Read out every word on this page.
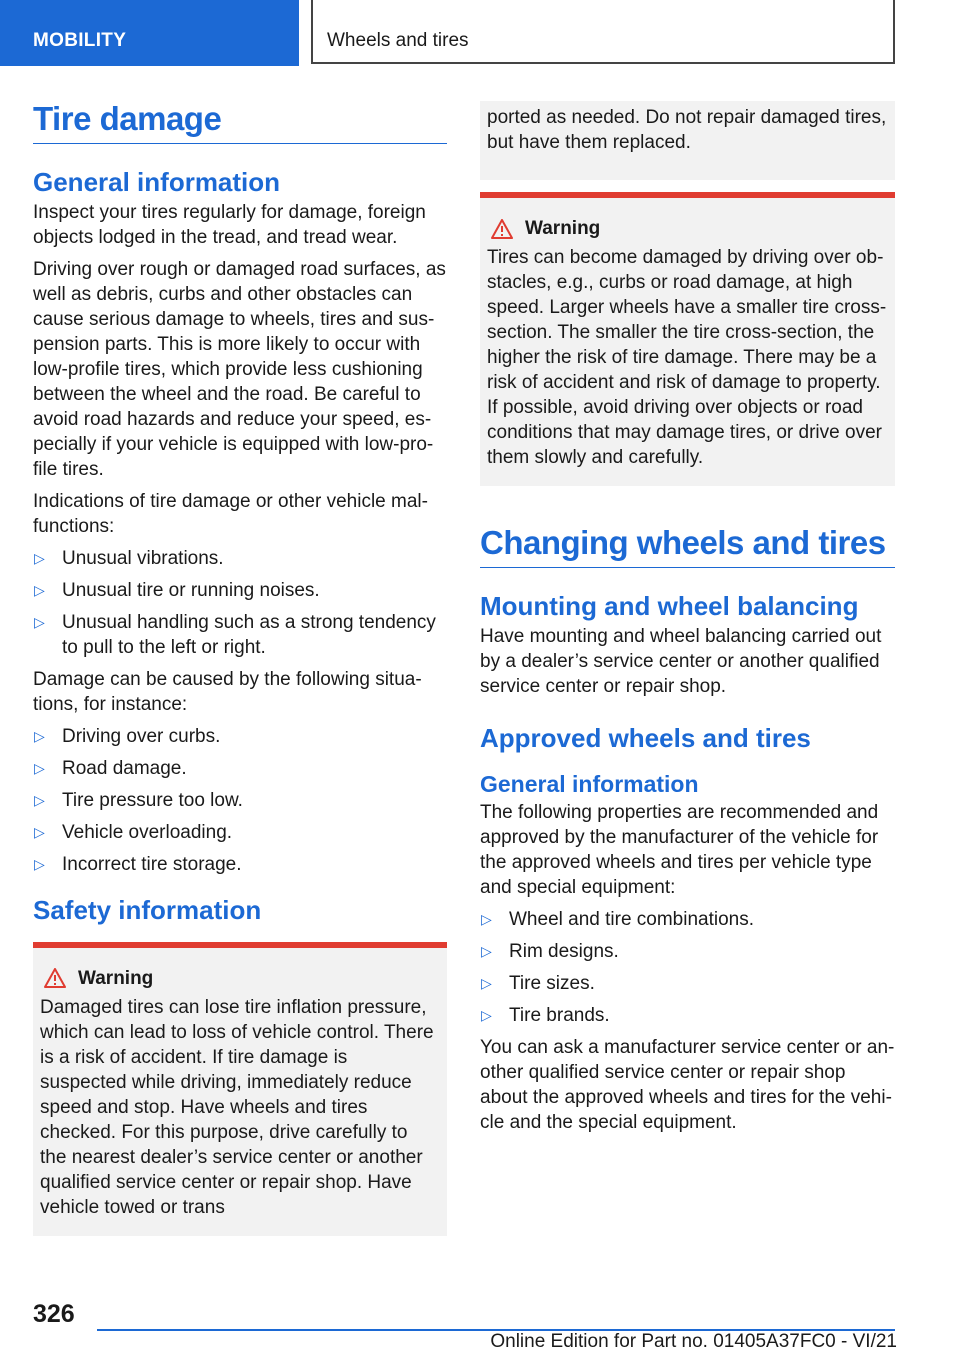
MOBILITY	Wheels and tires
Tire damage
General information

Inspect your tires regularly for damage, foreign objects lodged in the tread, and tread wear.

Driving over rough or damaged road surfaces, as well as debris, curbs and other obstacles can cause serious damage to wheels, tires and suspension parts. This is more likely to occur with low-profile tires, which provide less cushioning between the wheel and the road. Be careful to avoid road hazards and reduce your speed, especially if your vehicle is equipped with low-profile tires.

Indications of tire damage or other vehicle malfunctions:

▷ Unusual vibrations.
▷ Unusual tire or running noises.
▷ Unusual handling such as a strong tendency to pull to the left or right.

Damage can be caused by the following situations, for instance:

▷ Driving over curbs.
▷ Road damage.
▷ Tire pressure too low.
▷ Vehicle overloading.
▷ Incorrect tire storage.
Safety information
Warning

Damaged tires can lose tire inflation pressure, which can lead to loss of vehicle control. There is a risk of accident. If tire damage is suspected while driving, immediately reduce speed and stop. Have wheels and tires checked. For this purpose, drive carefully to the nearest dealer’s service center or another qualified service center or repair shop. Have vehicle towed or trans

ported as needed. Do not repair damaged tires, but have them replaced.

Warning

Tires can become damaged by driving over obstacles, e.g., curbs or road damage, at high speed. Larger wheels have a smaller tire cross-section. The smaller the tire cross-section, the higher the risk of tire damage. There may be a risk of accident and risk of damage to property. If possible, avoid driving over objects or road conditions that may damage tires, or drive over them slowly and carefully.

Changing wheels and tires
Mounting and wheel balancing

Have mounting and wheel balancing carried out by a dealer’s service center or another qualified service center or repair shop.

Approved wheels and tires
General information

The following properties are recommended and approved by the manufacturer of the vehicle for the approved wheels and tires per vehicle type and special equipment:

▷ Wheel and tire combinations.
▷ Rim designs.
▷ Tire sizes.
▷ Tire brands.

You can ask a manufacturer service center or another qualified service center or repair shop about the approved wheels and tires for the vehicle and the special equipment.

326
Online Edition for Part no. 01405A37FC0 - VI/21
